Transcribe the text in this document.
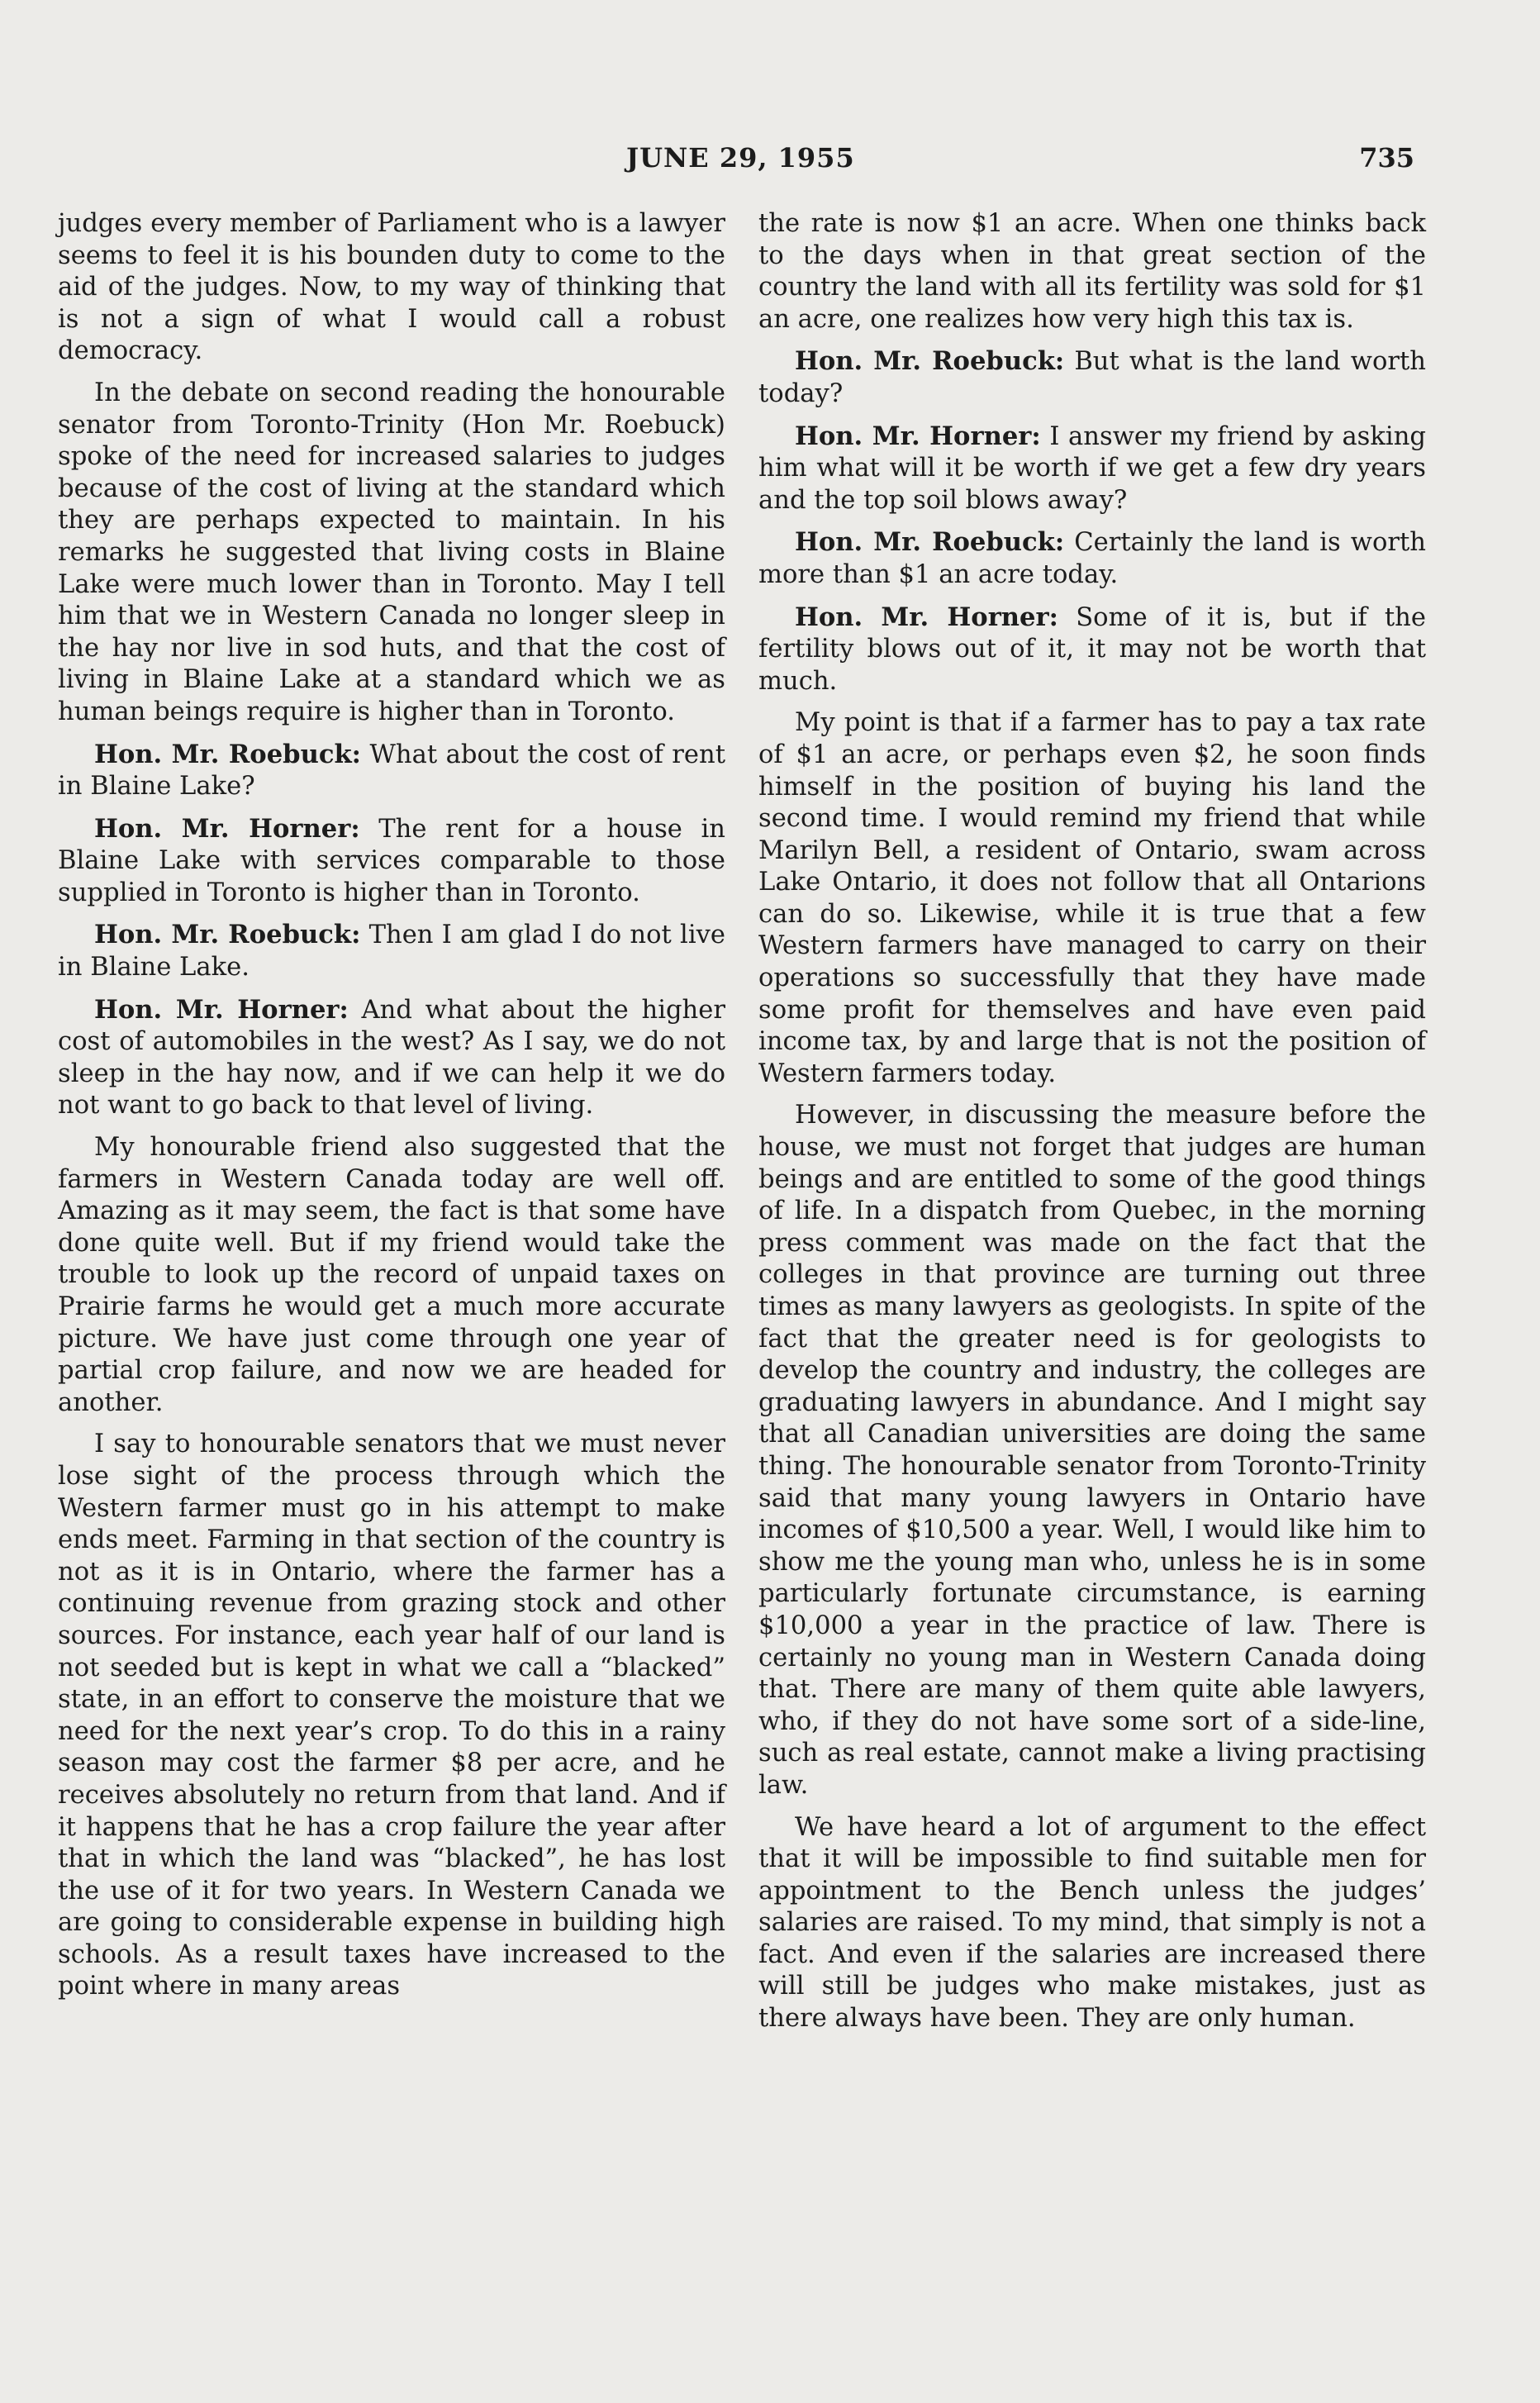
JUNE 29, 1955	735

judges every member of Parliament who is a lawyer seems to feel it is his bounden duty to come to the aid of the judges. Now, to my way of thinking that is not a sign of what I would call a robust democracy.

In the debate on second reading the honourable senator from Toronto-Trinity (Hon Mr. Roebuck) spoke of the need for increased salaries to judges because of the cost of living at the standard which they are perhaps expected to maintain. In his remarks he suggested that living costs in Blaine Lake were much lower than in Toronto. May I tell him that we in Western Canada no longer sleep in the hay nor live in sod huts, and that the cost of living in Blaine Lake at a standard which we as human beings require is higher than in Toronto.

Hon. Mr. Roebuck: What about the cost of rent in Blaine Lake?

Hon. Mr. Horner: The rent for a house in Blaine Lake with services comparable to those supplied in Toronto is higher than in Toronto.

Hon. Mr. Roebuck: Then I am glad I do not live in Blaine Lake.

Hon. Mr. Horner: And what about the higher cost of automobiles in the west? As I say, we do not sleep in the hay now, and if we can help it we do not want to go back to that level of living.

My honourable friend also suggested that the farmers in Western Canada today are well off. Amazing as it may seem, the fact is that some have done quite well. But if my friend would take the trouble to look up the record of unpaid taxes on Prairie farms he would get a much more accurate picture. We have just come through one year of partial crop failure, and now we are headed for another.

I say to honourable senators that we must never lose sight of the process through which the Western farmer must go in his attempt to make ends meet. Farming in that section of the country is not as it is in Ontario, where the farmer has a continuing revenue from grazing stock and other sources. For instance, each year half of our land is not seeded but is kept in what we call a “blacked” state, in an effort to conserve the moisture that we need for the next year’s crop. To do this in a rainy season may cost the farmer $8 per acre, and he receives absolutely no return from that land. And if it happens that he has a crop failure the year after that in which the land was “blacked”, he has lost the use of it for two years. In Western Canada we are going to considerable expense in building high schools. As a result taxes have increased to the point where in many areas

the rate is now $1 an acre. When one thinks back to the days when in that great section of the country the land with all its fertility was sold for $1 an acre, one realizes how very high this tax is.

Hon. Mr. Roebuck: But what is the land worth today?

Hon. Mr. Horner: I answer my friend by asking him what will it be worth if we get a few dry years and the top soil blows away?

Hon. Mr. Roebuck: Certainly the land is worth more than $1 an acre today.

Hon. Mr. Horner: Some of it is, but if the fertility blows out of it, it may not be worth that much.

My point is that if a farmer has to pay a tax rate of $1 an acre, or perhaps even $2, he soon finds himself in the position of buying his land the second time. I would remind my friend that while Marilyn Bell, a resident of Ontario, swam across Lake Ontario, it does not follow that all Ontarions can do so. Likewise, while it is true that a few Western farmers have managed to carry on their operations so successfully that they have made some profit for themselves and have even paid income tax, by and large that is not the position of Western farmers today.

However, in discussing the measure before the house, we must not forget that judges are human beings and are entitled to some of the good things of life. In a dispatch from Quebec, in the morning press comment was made on the fact that the colleges in that province are turning out three times as many lawyers as geologists. In spite of the fact that the greater need is for geologists to develop the country and industry, the colleges are graduating lawyers in abundance. And I might say that all Canadian universities are doing the same thing. The honourable senator from Toronto-Trinity said that many young lawyers in Ontario have incomes of $10,500 a year. Well, I would like him to show me the young man who, unless he is in some particularly fortunate circumstance, is earning $10,000 a year in the practice of law. There is certainly no young man in Western Canada doing that. There are many of them quite able lawyers, who, if they do not have some sort of a side-line, such as real estate, cannot make a living practising law.

We have heard a lot of argument to the effect that it will be impossible to find suitable men for appointment to the Bench unless the judges’ salaries are raised. To my mind, that simply is not a fact. And even if the salaries are increased there will still be judges who make mistakes, just as there always have been. They are only human.
